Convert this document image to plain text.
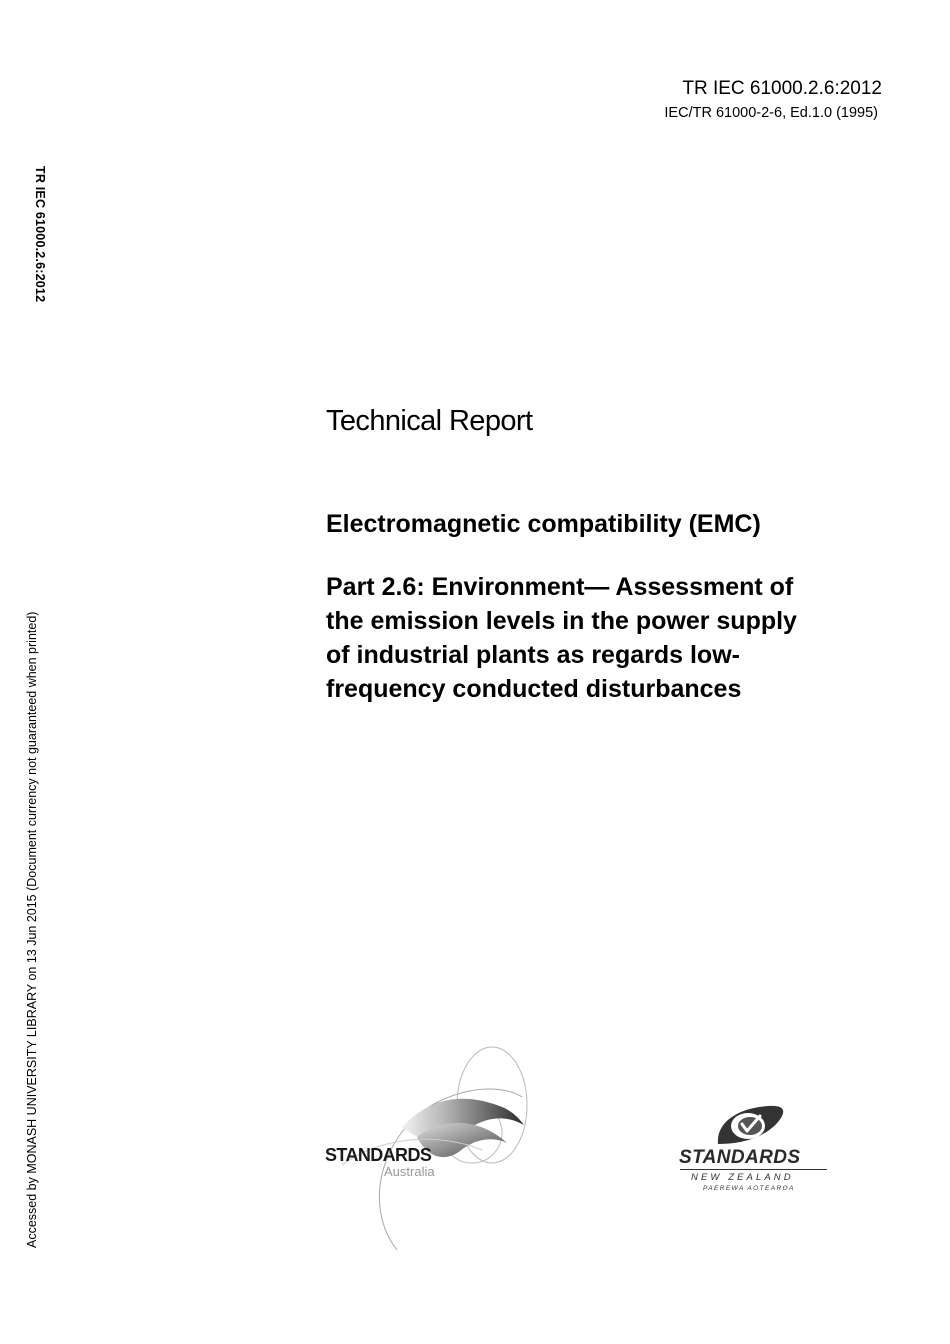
TR IEC 61000.2.6:2012
IEC/TR 61000-2-6, Ed.1.0 (1995)
TR IEC 61000.2.6:2012
Accessed by MONASH UNIVERSITY LIBRARY on 13 Jun 2015 (Document currency not guaranteed when printed)
Technical Report
Electromagnetic compatibility (EMC)
Part 2.6: Environment— Assessment of
the emission levels in the power supply
of industrial plants as regards low-
frequency conducted disturbances
STANDARDS
Australia
STANDARDS
NEW ZEALAND
PAEREWA AOTEAROA
